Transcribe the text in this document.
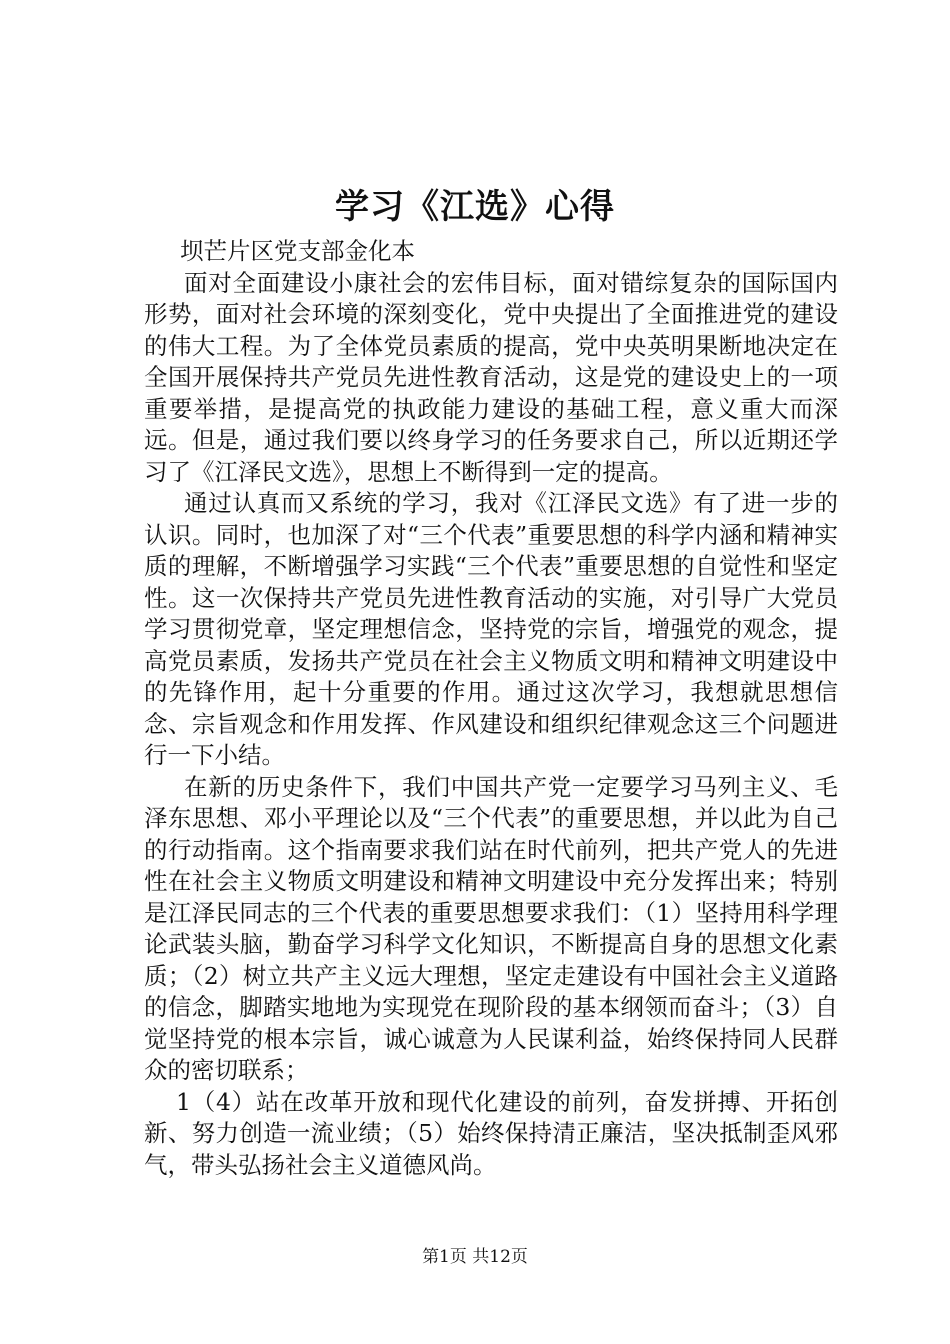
学习《江选》心得

坝芒片区党支部金化本

面对全面建设小康社会的宏伟目标，面对错综复杂的国际国内形势，面对社会环境的深刻变化，党中央提出了全面推进党的建设的伟大工程。为了全体党员素质的提高，党中央英明果断地决定在全国开展保持共产党员先进性教育活动，这是党的建设史上的一项重要举措，是提高党的执政能力建设的基础工程，意义重大而深远。但是，通过我们要以终身学习的任务要求自己，所以近期还学习了《江泽民文选》，思想上不断得到一定的提高。

通过认真而又系统的学习，我对《江泽民文选》有了进一步的认识。同时，也加深了对“三个代表”重要思想的科学内涵和精神实质的理解，不断增强学习实践“三个代表”重要思想的自觉性和坚定性。这一次保持共产党员先进性教育活动的实施，对引导广大党员学习贯彻党章，坚定理想信念，坚持党的宗旨，增强党的观念，提高党员素质，发扬共产党员在社会主义物质文明和精神文明建设中的先锋作用，起十分重要的作用。通过这次学习，我想就思想信念、宗旨观念和作用发挥、作风建设和组织纪律观念这三个问题进行一下小结。

在新的历史条件下，我们中国共产党一定要学习马列主义、毛泽东思想、邓小平理论以及“三个代表”的重要思想，并以此为自己的行动指南。这个指南要求我们站在时代前列，把共产党人的先进性在社会主义物质文明建设和精神文明建设中充分发挥出来；特别是江泽民同志的三个代表的重要思想要求我们：（1）坚持用科学理论武装头脑，勤奋学习科学文化知识，不断提高自身的思想文化素质；（2）树立共产主义远大理想，坚定走建设有中国社会主义道路的信念，脚踏实地地为实现党在现阶段的基本纲领而奋斗；（3）自觉坚持党的根本宗旨，诚心诚意为人民谋利益，始终保持同人民群众的密切联系；

1（4）站在改革开放和现代化建设的前列，奋发拼搏、开拓创新、努力创造一流业绩；（5）始终保持清正廉洁，坚决抵制歪风邪气，带头弘扬社会主义道德风尚。

第1页 共12页
